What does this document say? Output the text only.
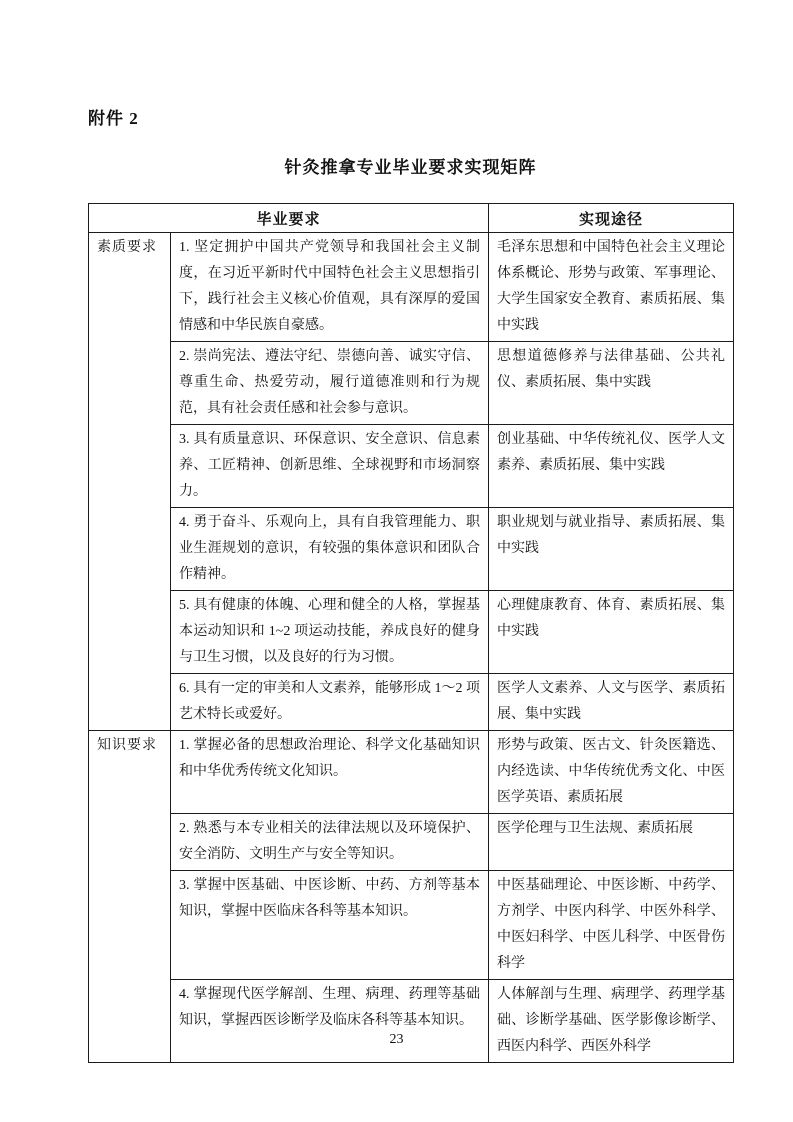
附件 2
针灸推拿专业毕业要求实现矩阵
毕业要求		实现途径
素质要求	1. 坚定拥护中国共产党领导和我国社会主义制度，在习近平新时代中国特色社会主义思想指引下，践行社会主义核心价值观，具有深厚的爱国情感和中华民族自豪感。	毛泽东思想和中国特色社会主义理论体系概论、形势与政策、军事理论、大学生国家安全教育、素质拓展、集中实践
	2. 崇尚宪法、遵法守纪、崇德向善、诚实守信、尊重生命、热爱劳动，履行道德准则和行为规范，具有社会责任感和社会参与意识。	思想道德修养与法律基础、公共礼仪、素质拓展、集中实践
	3. 具有质量意识、环保意识、安全意识、信息素养、工匠精神、创新思维、全球视野和市场洞察力。	创业基础、中华传统礼仪、医学人文素养、素质拓展、集中实践
	4. 勇于奋斗、乐观向上，具有自我管理能力、职业生涯规划的意识，有较强的集体意识和团队合作精神。	职业规划与就业指导、素质拓展、集中实践
	5. 具有健康的体魄、心理和健全的人格，掌握基本运动知识和 1~2 项运动技能，养成良好的健身与卫生习惯，以及良好的行为习惯。	心理健康教育、体育、素质拓展、集中实践
	6. 具有一定的审美和人文素养，能够形成 1～2 项艺术特长或爱好。	医学人文素养、人文与医学、素质拓展、集中实践
知识要求	1. 掌握必备的思想政治理论、科学文化基础知识和中华优秀传统文化知识。	形势与政策、医古文、针灸医籍选、内经选读、中华传统优秀文化、中医医学英语、素质拓展
	2. 熟悉与本专业相关的法律法规以及环境保护、安全消防、文明生产与安全等知识。	医学伦理与卫生法规、素质拓展
	3. 掌握中医基础、中医诊断、中药、方剂等基本知识，掌握中医临床各科等基本知识。	中医基础理论、中医诊断、中药学、方剂学、中医内科学、中医外科学、中医妇科学、中医儿科学、中医骨伤科学
	4. 掌握现代医学解剖、生理、病理、药理等基础知识，掌握西医诊断学及临床各科等基本知识。	人体解剖与生理、病理学、药理学基础、诊断学基础、医学影像诊断学、西医内科学、西医外科学
23
